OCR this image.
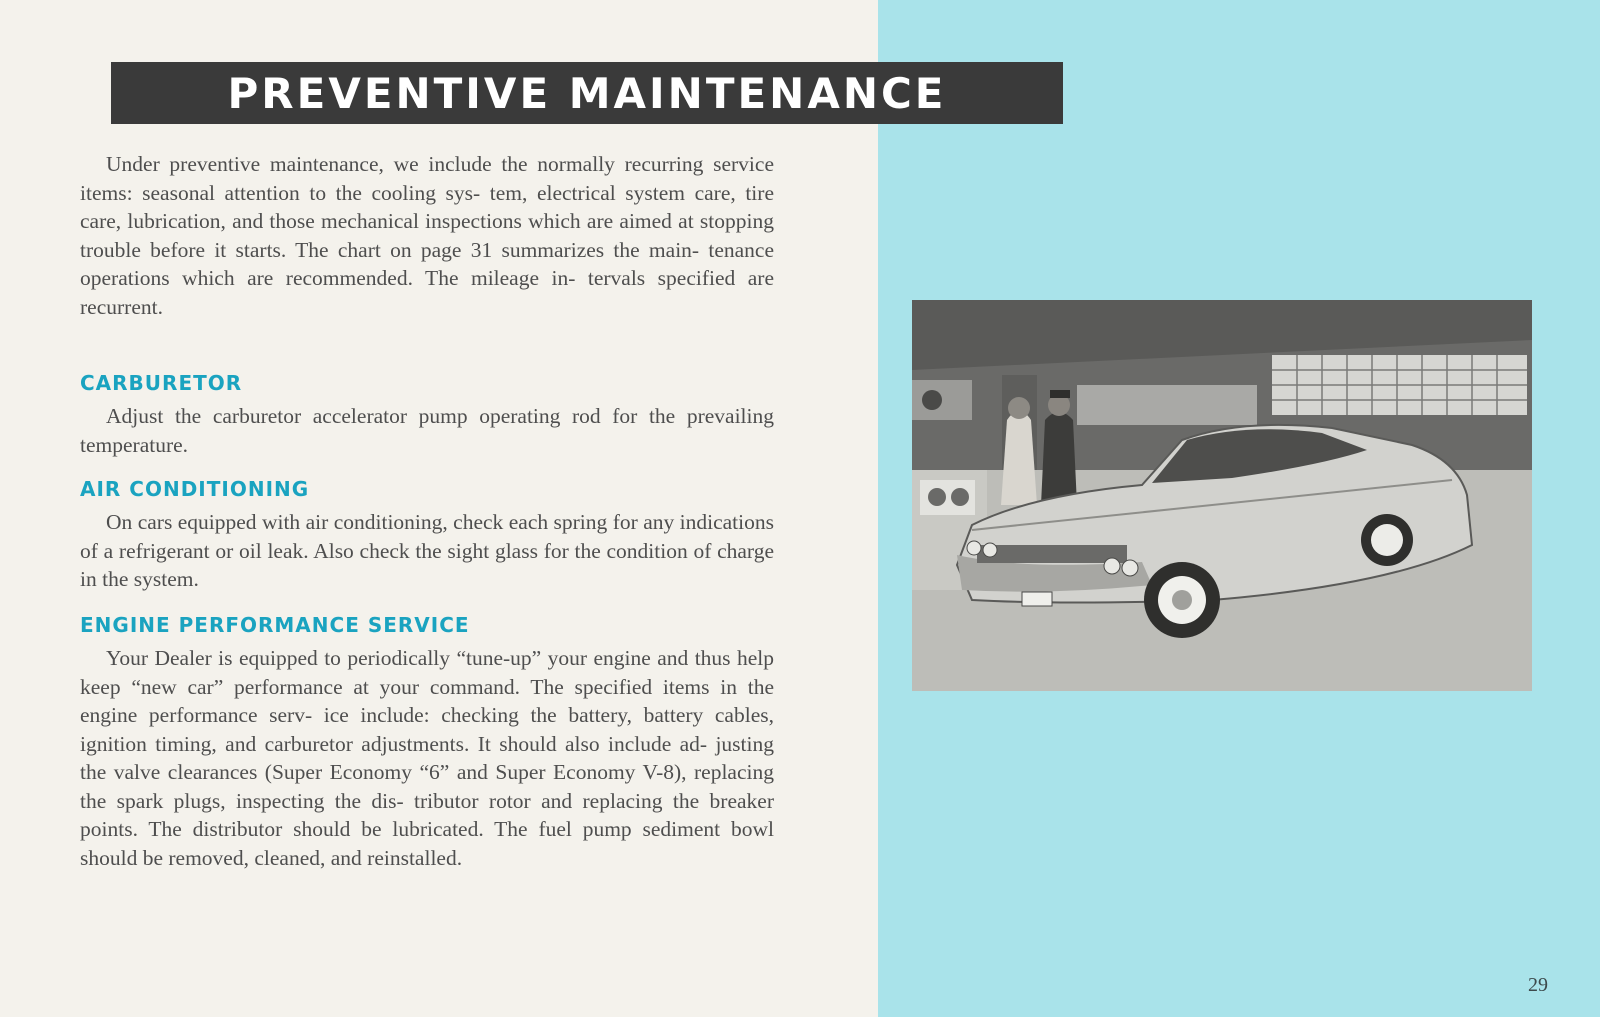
PREVENTIVE MAINTENANCE

Under preventive maintenance, we include the normally recurring service items: seasonal attention to the cooling sys- tem, electrical system care, tire care, lubrication, and those mechanical inspections which are aimed at stopping trouble before it starts. The chart on page 31 summarizes the main- tenance operations which are recommended. The mileage in- tervals specified are recurrent.

CARBURETOR

Adjust the carburetor accelerator pump operating rod for the prevailing temperature.

AIR CONDITIONING

On cars equipped with air conditioning, check each spring for any indications of a refrigerant or oil leak. Also check the sight glass for the condition of charge in the system.

ENGINE PERFORMANCE SERVICE

Your Dealer is equipped to periodically “tune-up” your engine and thus help keep “new car” performance at your command. The specified items in the engine performance serv- ice include: checking the battery, battery cables, ignition timing, and carburetor adjustments. It should also include ad- justing the valve clearances (Super Economy “6” and Super Economy V-8), replacing the spark plugs, inspecting the dis- tributor rotor and replacing the breaker points. The distributor should be lubricated. The fuel pump sediment bowl should be removed, cleaned, and reinstalled.

29
